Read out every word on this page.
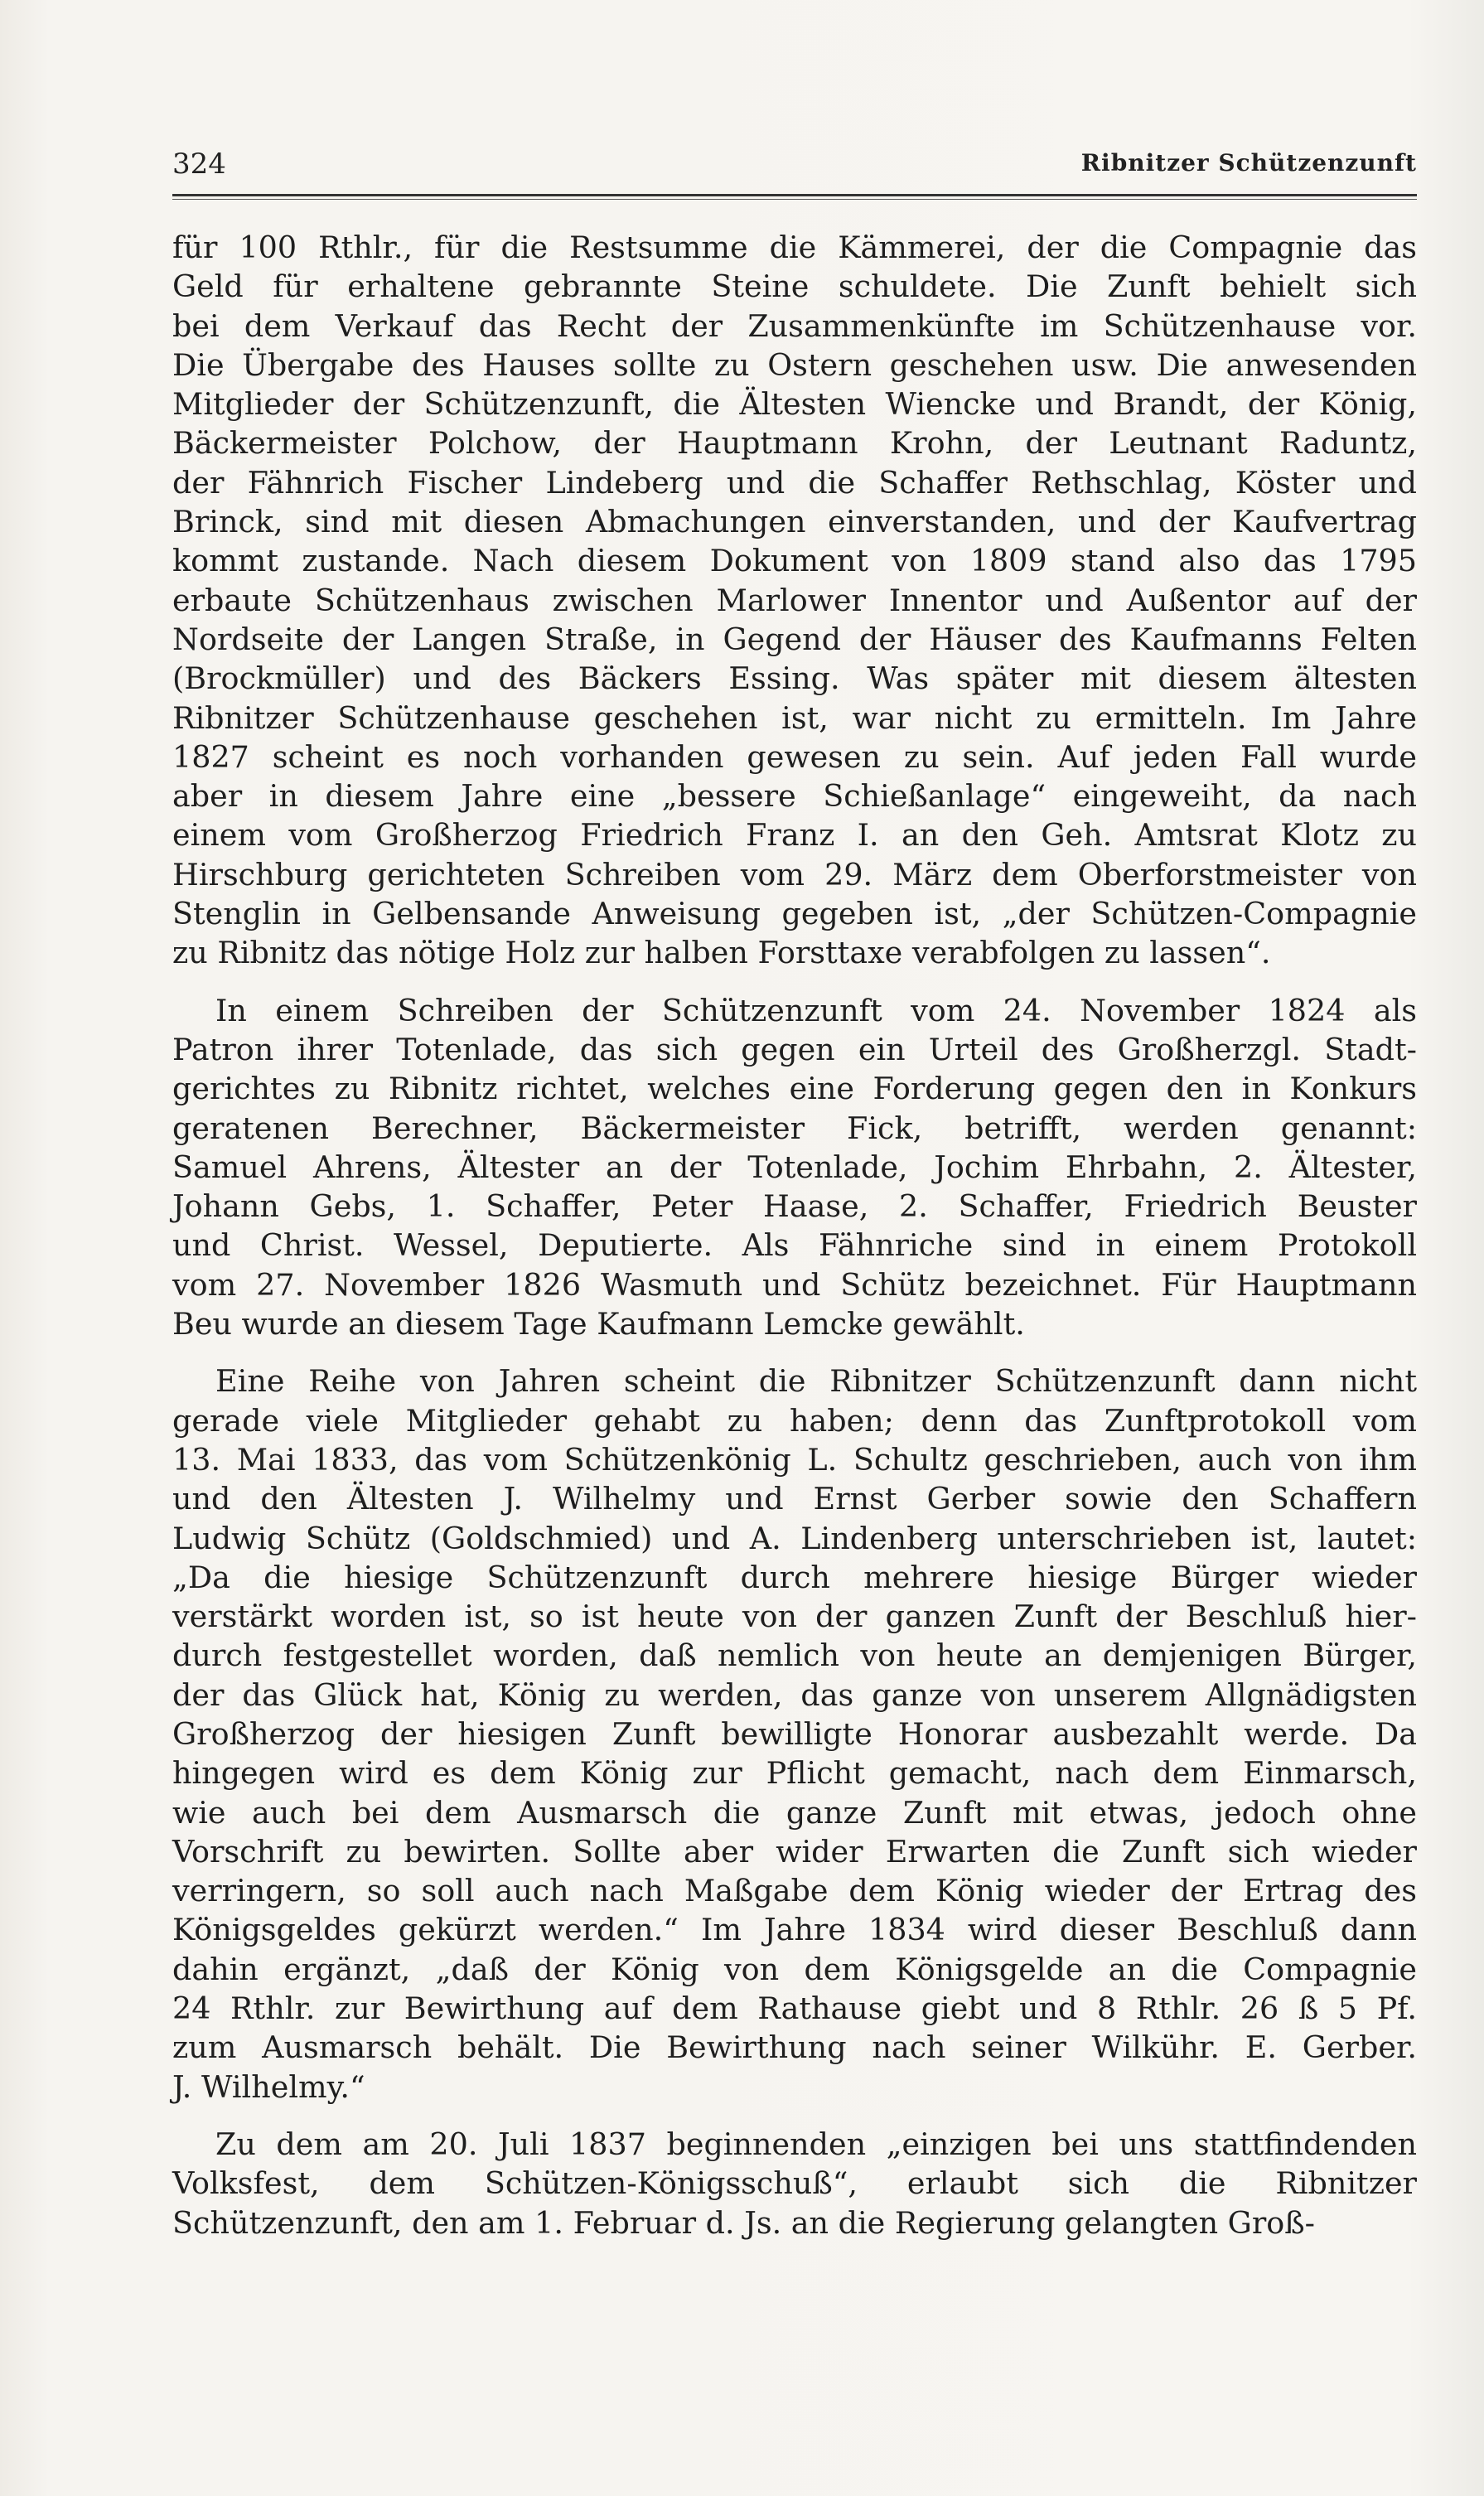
324	Ribnitzer Schützenzunft
für 100 Rthlr., für die Restsumme die Kämmerei, der die Compagnie das
Geld für erhaltene gebrannte Steine schuldete. Die Zunft behielt sich
bei dem Verkauf das Recht der Zusammenkünfte im Schützenhause vor.
Die Übergabe des Hauses sollte zu Ostern geschehen usw. Die anwesenden
Mitglieder der Schützenzunft, die Ältesten Wiencke und Brandt, der König,
Bäckermeister Polchow, der Hauptmann Krohn, der Leutnant Raduntz,
der Fähnrich Fischer Lindeberg und die Schaffer Rethschlag, Köster und
Brinck, sind mit diesen Abmachungen einverstanden, und der Kaufvertrag
kommt zustande. Nach diesem Dokument von 1809 stand also das 1795
erbaute Schützenhaus zwischen Marlower Innentor und Außentor auf der
Nordseite der Langen Straße, in Gegend der Häuser des Kaufmanns Felten
(Brockmüller) und des Bäckers Essing. Was später mit diesem ältesten
Ribnitzer Schützenhause geschehen ist, war nicht zu ermitteln. Im Jahre
1827 scheint es noch vorhanden gewesen zu sein. Auf jeden Fall wurde
aber in diesem Jahre eine „bessere Schießanlage“ eingeweiht, da nach
einem vom Großherzog Friedrich Franz I. an den Geh. Amtsrat Klotz zu
Hirschburg gerichteten Schreiben vom 29. März dem Oberforstmeister von
Stenglin in Gelbensande Anweisung gegeben ist, „der Schützen-Compagnie
zu Ribnitz das nötige Holz zur halben Forsttaxe verabfolgen zu lassen“.
In einem Schreiben der Schützenzunft vom 24. November 1824 als
Patron ihrer Totenlade, das sich gegen ein Urteil des Großherzgl. Stadt-
gerichtes zu Ribnitz richtet, welches eine Forderung gegen den in Konkurs
geratenen Berechner, Bäckermeister Fick, betrifft, werden genannt:
Samuel Ahrens, Ältester an der Totenlade, Jochim Ehrbahn, 2. Ältester,
Johann Gebs, 1. Schaffer, Peter Haase, 2. Schaffer, Friedrich Beuster
und Christ. Wessel, Deputierte. Als Fähnriche sind in einem Protokoll
vom 27. November 1826 Wasmuth und Schütz bezeichnet. Für Hauptmann
Beu wurde an diesem Tage Kaufmann Lemcke gewählt.
Eine Reihe von Jahren scheint die Ribnitzer Schützenzunft dann nicht
gerade viele Mitglieder gehabt zu haben; denn das Zunftprotokoll vom
13. Mai 1833, das vom Schützenkönig L. Schultz geschrieben, auch von ihm
und den Ältesten J. Wilhelmy und Ernst Gerber sowie den Schaffern
Ludwig Schütz (Goldschmied) und A. Lindenberg unterschrieben ist, lautet:
„Da die hiesige Schützenzunft durch mehrere hiesige Bürger wieder
verstärkt worden ist, so ist heute von der ganzen Zunft der Beschluß hier-
durch festgestellet worden, daß nemlich von heute an demjenigen Bürger,
der das Glück hat, König zu werden, das ganze von unserem Allgnädigsten
Großherzog der hiesigen Zunft bewilligte Honorar ausbezahlt werde. Da
hingegen wird es dem König zur Pflicht gemacht, nach dem Einmarsch,
wie auch bei dem Ausmarsch die ganze Zunft mit etwas, jedoch ohne
Vorschrift zu bewirten. Sollte aber wider Erwarten die Zunft sich wieder
verringern, so soll auch nach Maßgabe dem König wieder der Ertrag des
Königsgeldes gekürzt werden.“ Im Jahre 1834 wird dieser Beschluß dann
dahin ergänzt, „daß der König von dem Königsgelde an die Compagnie
24 Rthlr. zur Bewirthung auf dem Rathause giebt und 8 Rthlr. 26 ß 5 Pf.
zum Ausmarsch behält. Die Bewirthung nach seiner Wilkühr. E. Gerber.
J. Wilhelmy.“
Zu dem am 20. Juli 1837 beginnenden „einzigen bei uns stattfindenden
Volksfest, dem Schützen-Königsschuß“, erlaubt sich die Ribnitzer
Schützenzunft, den am 1. Februar d. Js. an die Regierung gelangten Groß-
